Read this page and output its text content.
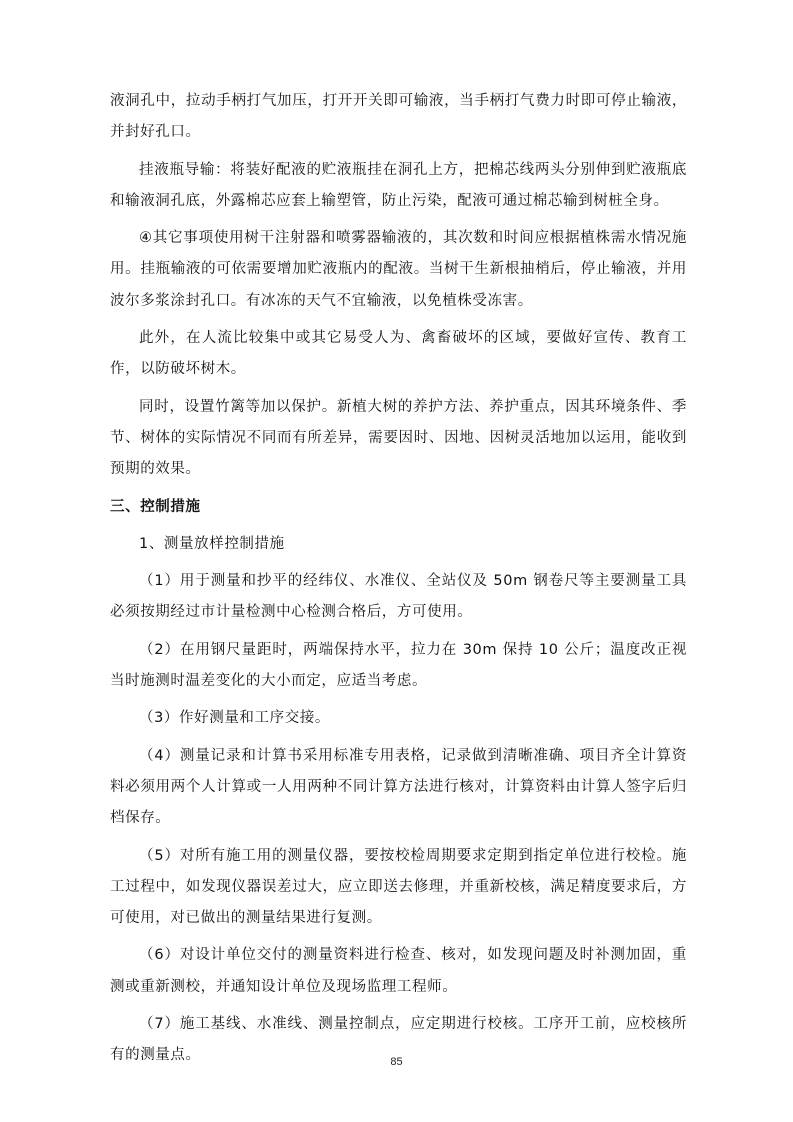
液洞孔中，拉动手柄打气加压，打开开关即可输液，当手柄打气费力时即可停止输液，并封好孔口。

挂液瓶导输：将装好配液的贮液瓶挂在洞孔上方，把棉芯线两头分别伸到贮液瓶底和输液洞孔底，外露棉芯应套上输塑管，防止污染，配液可通过棉芯输到树桩全身。

④其它事项使用树干注射器和喷雾器输液的，其次数和时间应根据植株需水情况施用。挂瓶输液的可依需要增加贮液瓶内的配液。当树干生新根抽梢后，停止输液，并用波尔多浆涂封孔口。有冰冻的天气不宜输液，以免植株受冻害。

此外，在人流比较集中或其它易受人为、禽畜破坏的区域，要做好宣传、教育工作，以防破坏树木。

同时，设置竹篱等加以保护。新植大树的养护方法、养护重点，因其环境条件、季节、树体的实际情况不同而有所差异，需要因时、因地、因树灵活地加以运用，能收到预期的效果。

三、控制措施

1、测量放样控制措施

（1）用于测量和抄平的经纬仪、水准仪、全站仪及 50m 钢卷尺等主要测量工具必须按期经过市计量检测中心检测合格后，方可使用。

（2）在用钢尺量距时，两端保持水平，拉力在 30m 保持 10 公斤；温度改正视当时施测时温差变化的大小而定，应适当考虑。

（3）作好测量和工序交接。

（4）测量记录和计算书采用标准专用表格，记录做到清晰准确、项目齐全计算资料必须用两个人计算或一人用两种不同计算方法进行核对，计算资料由计算人签字后归档保存。

（5）对所有施工用的测量仪器，要按校检周期要求定期到指定单位进行校检。施工过程中，如发现仪器误差过大，应立即送去修理，并重新校核，满足精度要求后，方可使用，对已做出的测量结果进行复测。

（6）对设计单位交付的测量资料进行检查、核对，如发现问题及时补测加固，重测或重新测校，并通知设计单位及现场监理工程师。

（7）施工基线、水准线、测量控制点，应定期进行校核。工序开工前，应校核所有的测量点。	85
